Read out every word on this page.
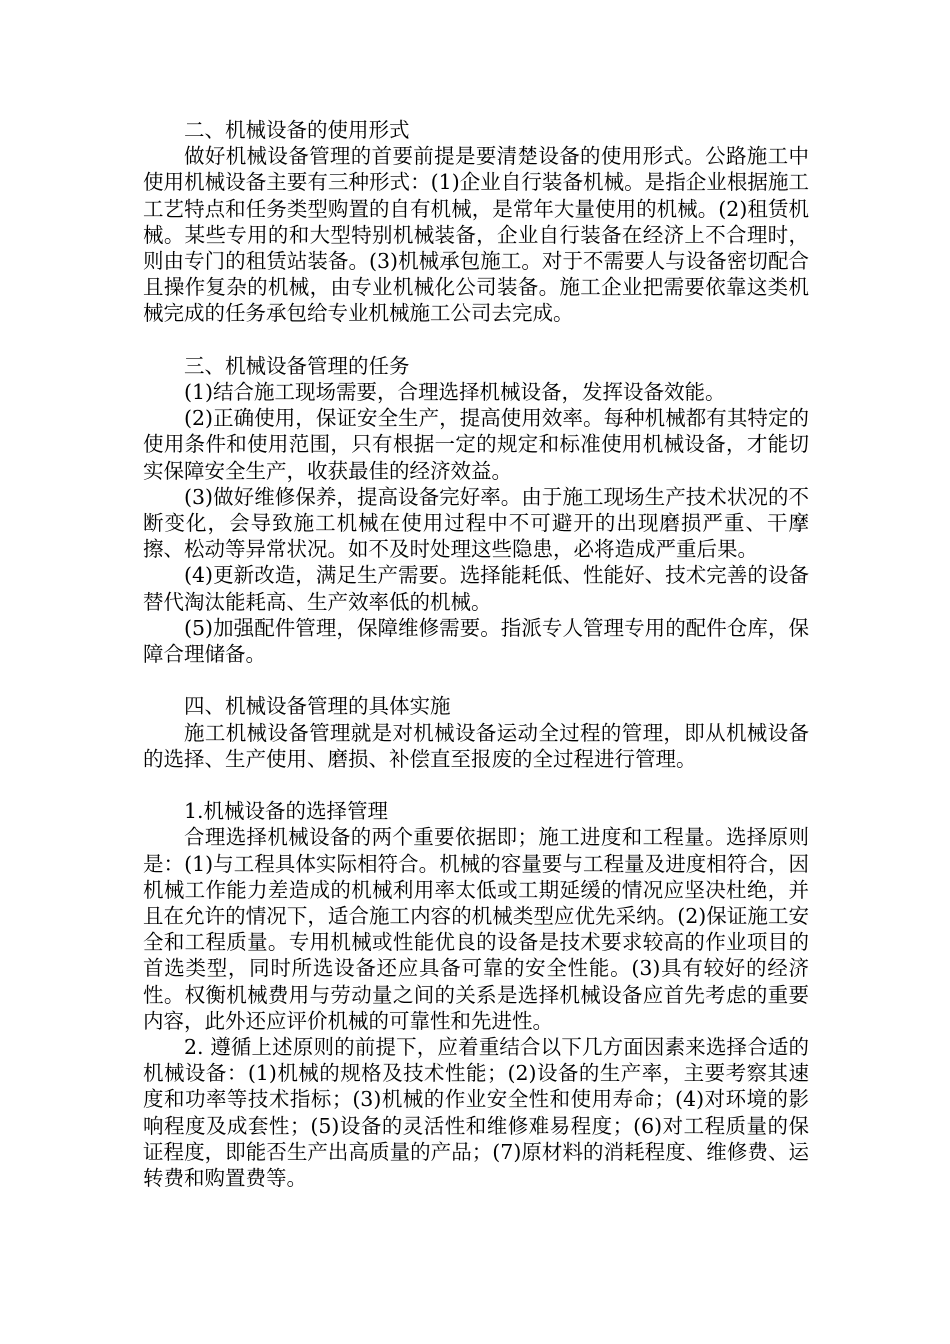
二、机械设备的使用形式

做好机械设备管理的首要前提是要清楚设备的使用形式。公路施工中使用机械设备主要有三种形式：(1)企业自行装备机械。是指企业根据施工工艺特点和任务类型购置的自有机械，是常年大量使用的机械。(2)租赁机械。某些专用的和大型特别机械装备，企业自行装备在经济上不合理时，则由专门的租赁站装备。(3)机械承包施工。对于不需要人与设备密切配合且操作复杂的机械，由专业机械化公司装备。施工企业把需要依靠这类机械完成的任务承包给专业机械施工公司去完成。

三、机械设备管理的任务

(1)结合施工现场需要，合理选择机械设备，发挥设备效能。

(2)正确使用，保证安全生产，提高使用效率。每种机械都有其特定的使用条件和使用范围，只有根据一定的规定和标准使用机械设备，才能切实保障安全生产，收获最佳的经济效益。

(3)做好维修保养，提高设备完好率。由于施工现场生产技术状况的不断变化，会导致施工机械在使用过程中不可避开的出现磨损严重、干摩擦、松动等异常状况。如不及时处理这些隐患，必将造成严重后果。

(4)更新改造，满足生产需要。选择能耗低、性能好、技术完善的设备替代淘汰能耗高、生产效率低的机械。

(5)加强配件管理，保障维修需要。指派专人管理专用的配件仓库，保障合理储备。

四、机械设备管理的具体实施

施工机械设备管理就是对机械设备运动全过程的管理，即从机械设备的选择、生产使用、磨损、补偿直至报废的全过程进行管理。

1.机械设备的选择管理

合理选择机械设备的两个重要依据即；施工进度和工程量。选择原则是：(1)与工程具体实际相符合。机械的容量要与工程量及进度相符合，因机械工作能力差造成的机械利用率太低或工期延缓的情况应坚决杜绝，并且在允许的情况下，适合施工内容的机械类型应优先采纳。(2)保证施工安全和工程质量。专用机械或性能优良的设备是技术要求较高的作业项目的首选类型，同时所选设备还应具备可靠的安全性能。(3)具有较好的经济性。权衡机械费用与劳动量之间的关系是选择机械设备应首先考虑的重要内容，此外还应评价机械的可靠性和先进性。

2. 遵循上述原则的前提下，应着重结合以下几方面因素来选择合适的机械设备：(1)机械的规格及技术性能；(2)设备的生产率，主要考察其速度和功率等技术指标；(3)机械的作业安全性和使用寿命；(4)对环境的影响程度及成套性；(5)设备的灵活性和维修难易程度；(6)对工程质量的保证程度，即能否生产出高质量的产品；(7)原材料的消耗程度、维修费、运转费和购置费等。
